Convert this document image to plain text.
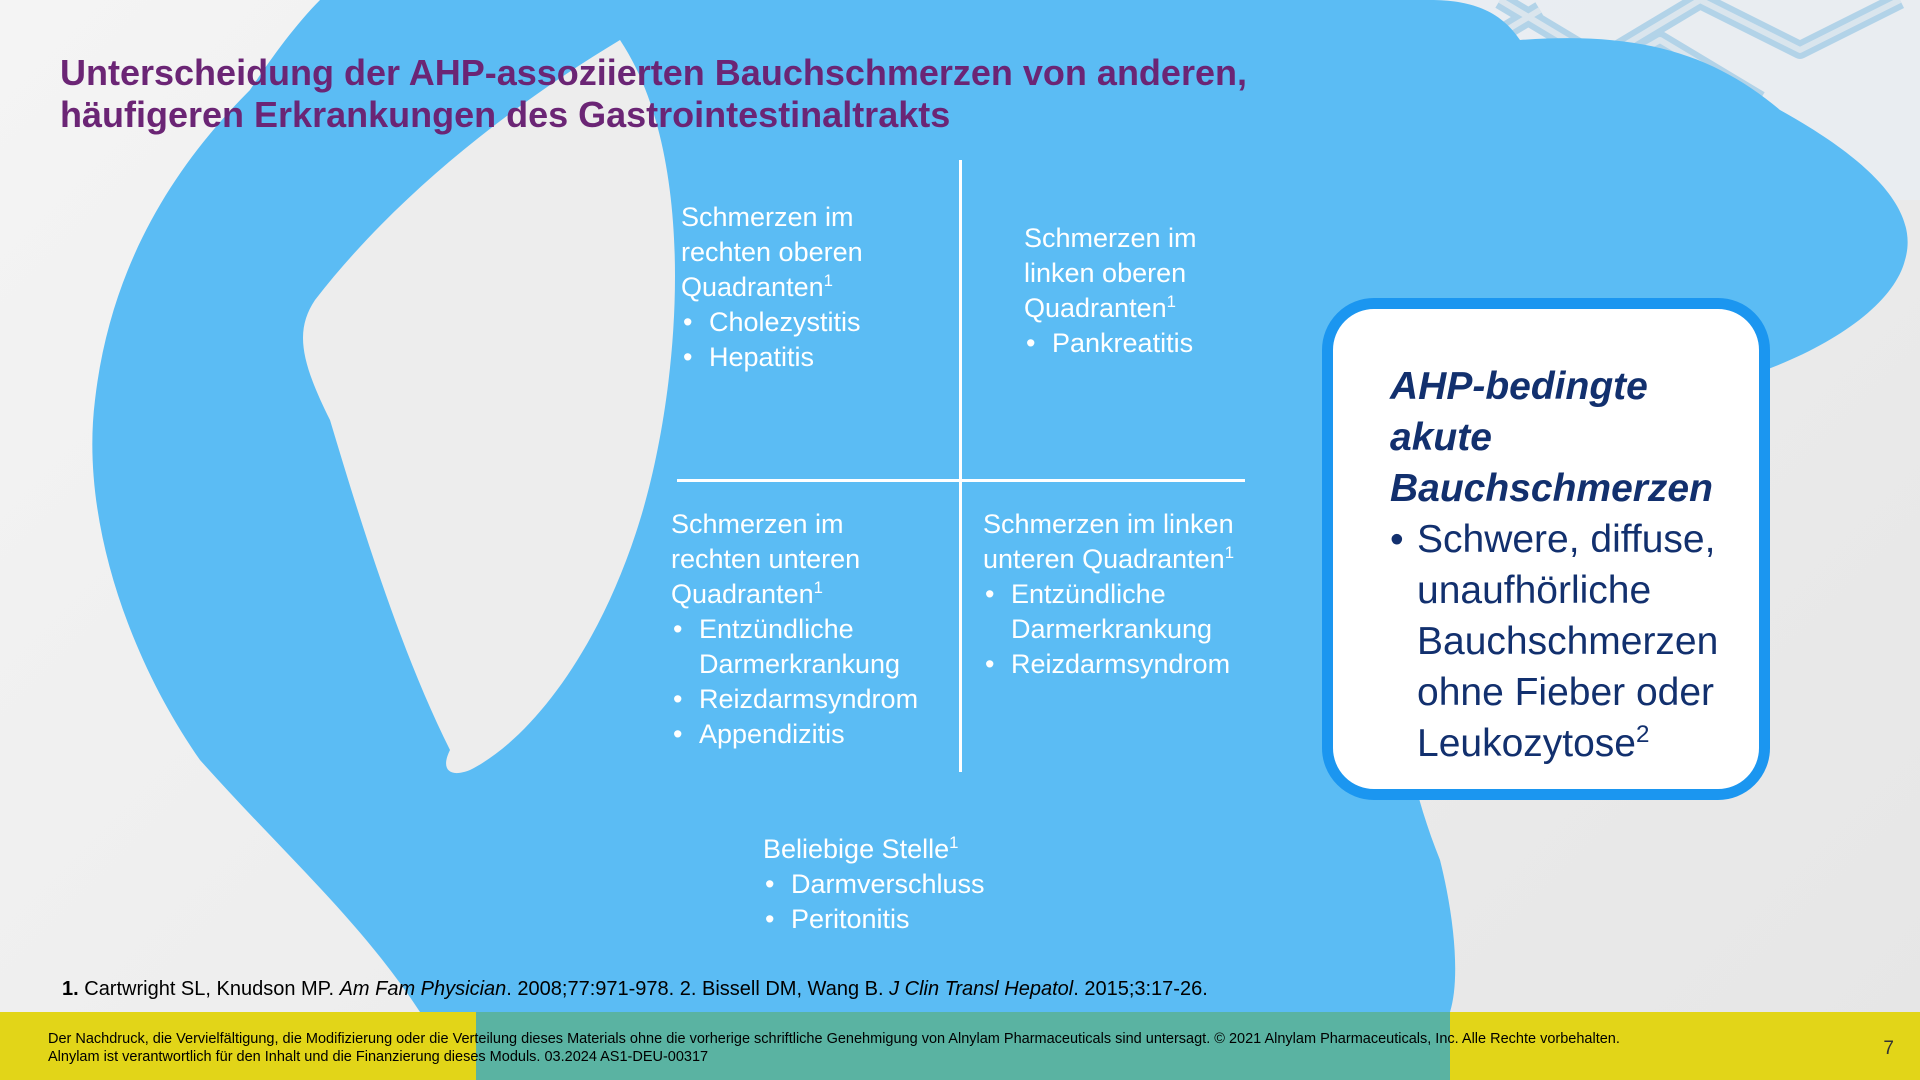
Unterscheidung der AHP-assoziierten Bauchschmerzen von anderen,
häufigeren Erkrankungen des Gastrointestinaltrakts
Schmerzen im
rechten oberen
Quadranten$^1$
• Cholezystitis
• Hepatitis
Schmerzen im
linken oberen
Quadranten$^1$
• Pankreatitis
Schmerzen im
rechten unteren
Quadranten$^1$
• Entzündliche
Darmerkrankung
• Reizdarmsyndrom
• Appendizitis
Schmerzen im linken
unteren Quadranten$^1$
• Entzündliche
Darmerkrankung
• Reizdarmsyndrom
Beliebige Stelle$^1$
• Darmverschluss
• Peritonitis
AHP-bedingte
akute
Bauchschmerzen
• Schwere, diffuse,
unaufhörliche
Bauchschmerzen
ohne Fieber oder
Leukozytose$^2$
1. Cartwright SL, Knudson MP. Am Fam Physician. 2008;77:971-978. 2. Bissell DM, Wang B. J Clin Transl Hepatol. 2015;3:17-26.
Der Nachdruck, die Vervielfältigung, die Modifizierung oder die Verteilung dieses Materials ohne die vorherige schriftliche Genehmigung von Alnylam Pharmaceuticals sind untersagt. © 2021 Alnylam Pharmaceuticals, Inc. Alle Rechte vorbehalten.
Alnylam ist verantwortlich für den Inhalt und die Finanzierung dieses Moduls. 03.2024 AS1-DEU-00317	7
